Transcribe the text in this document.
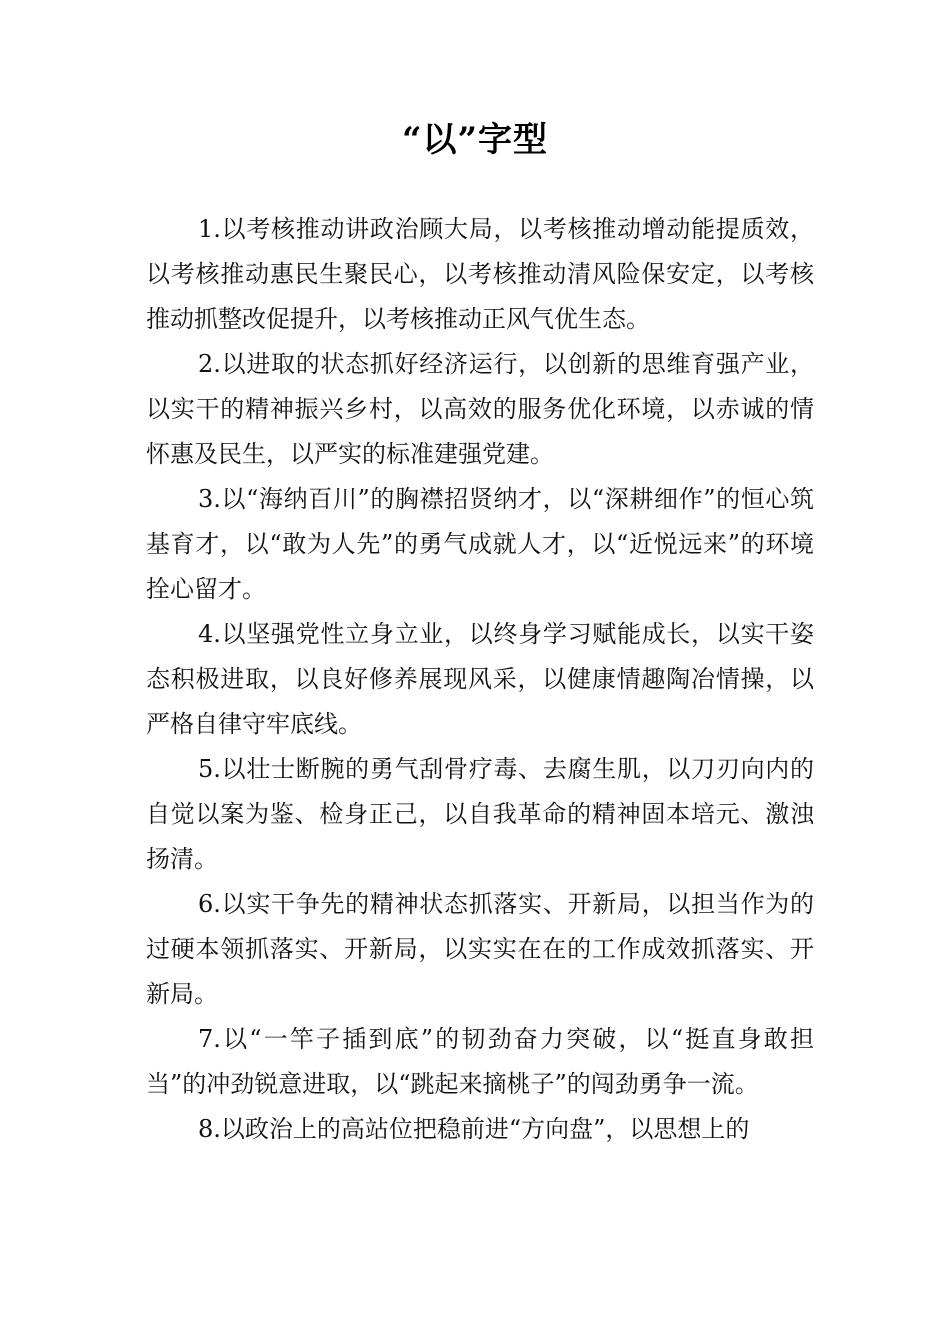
“以”字型

1.以考核推动讲政治顾大局，以考核推动增动能提质效，以考核推动惠民生聚民心，以考核推动清风险保安定，以考核推动抓整改促提升，以考核推动正风气优生态。

2.以进取的状态抓好经济运行，以创新的思维育强产业，以实干的精神振兴乡村，以高效的服务优化环境，以赤诚的情怀惠及民生，以严实的标准建强党建。

3.以“海纳百川”的胸襟招贤纳才，以“深耕细作”的恒心筑基育才，以“敢为人先”的勇气成就人才，以“近悦远来”的环境拴心留才。

4.以坚强党性立身立业，以终身学习赋能成长，以实干姿态积极进取，以良好修养展现风采，以健康情趣陶冶情操，以严格自律守牢底线。

5.以壮士断腕的勇气刮骨疗毒、去腐生肌，以刀刃向内的自觉以案为鉴、检身正己，以自我革命的精神固本培元、激浊扬清。

6.以实干争先的精神状态抓落实、开新局，以担当作为的过硬本领抓落实、开新局，以实实在在的工作成效抓落实、开新局。

7.以“一竿子插到底”的韧劲奋力突破，以“挺直身敢担当”的冲劲锐意进取，以“跳起来摘桃子”的闯劲勇争一流。

8.以政治上的高站位把稳前进“方向盘”，以思想上的
